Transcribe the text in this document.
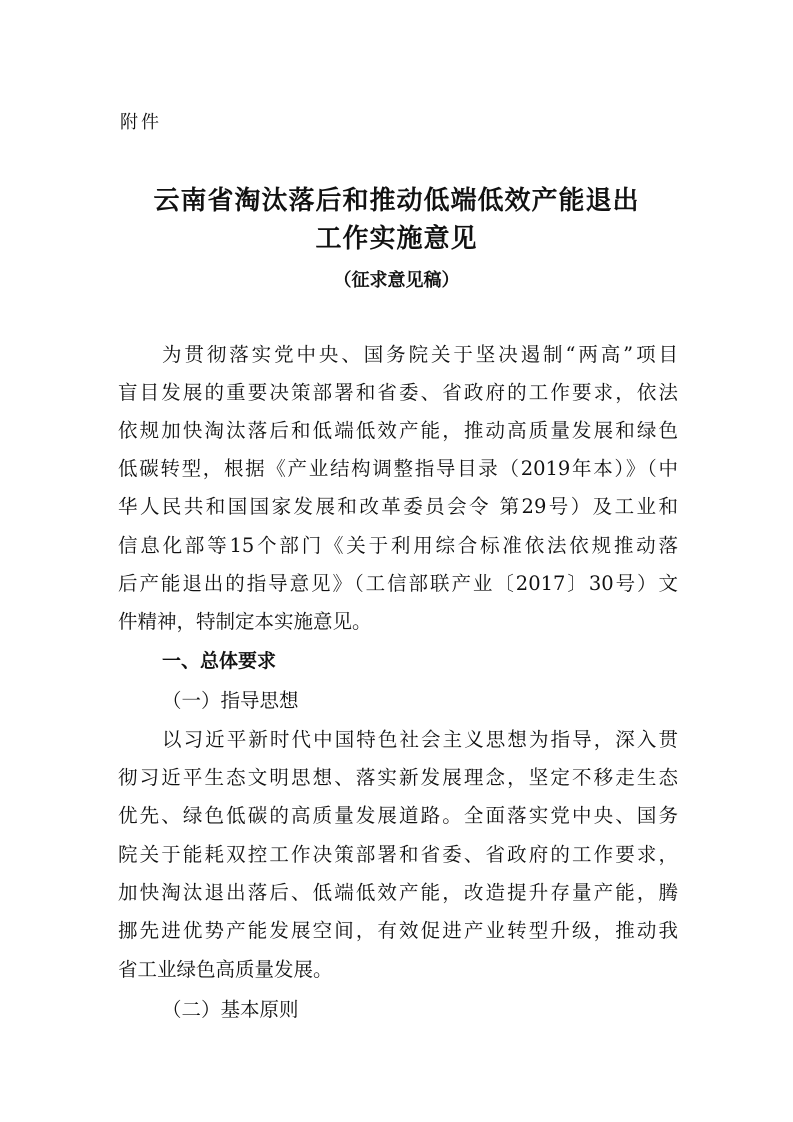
附件
云南省淘汰落后和推动低端低效产能退出
工作实施意见
（征求意见稿）
为贯彻落实党中央、国务院关于坚决遏制“两高”项目
盲目发展的重要决策部署和省委、省政府的工作要求，依法
依规加快淘汰落后和低端低效产能，推动高质量发展和绿色
低碳转型，根据《产业结构调整指导目录（2019年本）》（中
华人民共和国国家发展和改革委员会令 第29号）及工业和
信息化部等15个部门《关于利用综合标准依法依规推动落
后产能退出的指导意见》（工信部联产业〔2017〕30号）文
件精神，特制定本实施意见。
一、总体要求
（一）指导思想
以习近平新时代中国特色社会主义思想为指导，深入贯
彻习近平生态文明思想、落实新发展理念，坚定不移走生态
优先、绿色低碳的高质量发展道路。全面落实党中央、国务
院关于能耗双控工作决策部署和省委、省政府的工作要求，
加快淘汰退出落后、低端低效产能，改造提升存量产能，腾
挪先进优势产能发展空间，有效促进产业转型升级，推动我
省工业绿色高质量发展。
（二）基本原则
